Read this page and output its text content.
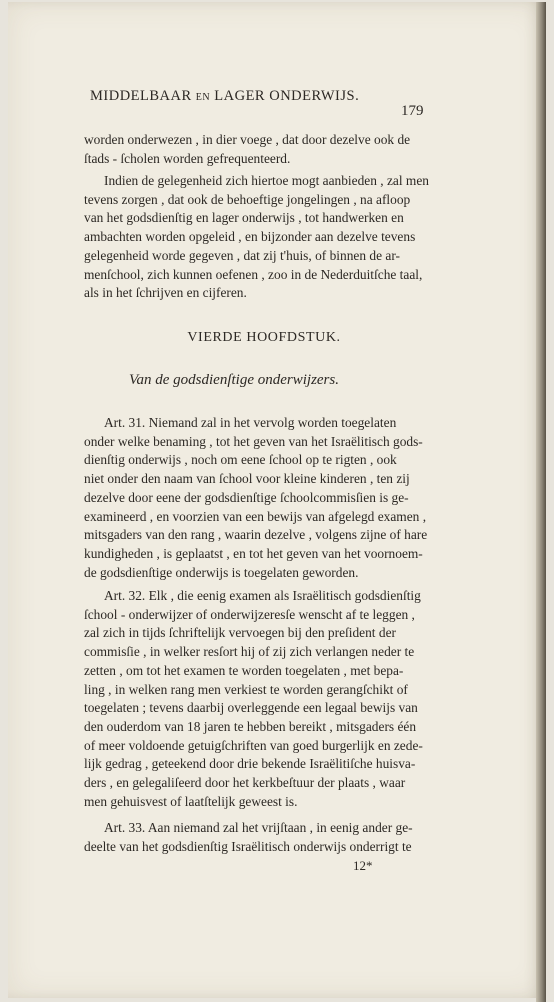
MIDDELBAAR EN LAGER ONDERWIJS.
179
worden onderwezen , in dier voege , dat door dezelve ook de
ſtads - ſcholen worden gefrequenteerd.
Indien de gelegenheid zich hiertoe mogt aanbieden , zal men
tevens zorgen , dat ook de behoeftige jongelingen , na afloop
van het godsdienſtig en lager onderwijs , tot handwerken en
ambachten worden opgeleid , en bijzonder aan dezelve tevens
gelegenheid worde gegeven , dat zij t'huis, of binnen de ar-
menſchool, zich kunnen oefenen , zoo in de Nederduitſche taal,
als in het ſchrijven en cijferen.
VIERDE HOOFDSTUK.
Van de godsdienſtige onderwijzers.
Art. 31. Niemand zal in het vervolg worden toegelaten
onder welke benaming , tot het geven van het Israëlitisch gods-
dienſtig onderwijs , noch om eene ſchool op te rigten , ook
niet onder den naam van ſchool voor kleine kinderen , ten zij
dezelve door eene der godsdienſtige ſchoolcommisſien is ge-
examineerd , en voorzien van een bewijs van afgelegd examen ,
mitsgaders van den rang , waarin dezelve , volgens zijne of hare
kundigheden , is geplaatst , en tot het geven van het voornoem-
de godsdienſtige onderwijs is toegelaten geworden.
Art. 32. Elk , die eenig examen als Israëlitisch godsdienſtig
ſchool - onderwijzer of onderwijzeresſe wenscht af te leggen ,
zal zich in tijds ſchriftelijk vervoegen bij den preſident der
commisſie , in welker resſort hij of zij zich verlangen neder te
zetten , om tot het examen te worden toegelaten , met bepa-
ling , in welken rang men verkiest te worden gerangſchikt of
toegelaten ; tevens daarbij overleggende een legaal bewijs van
den ouderdom van 18 jaren te hebben bereikt , mitsgaders één
of meer voldoende getuigſchriften van goed burgerlijk en zede-
lijk gedrag , geteekend door drie bekende Israëlitiſche huisva-
ders , en gelegaliſeerd door het kerkbeſtuur der plaats , waar
men gehuisvest of laatſtelijk geweest is.
Art. 33. Aan niemand zal het vrijſtaan , in eenig ander ge-
deelte van het godsdienſtig Israëlitisch onderwijs onderrigt te
12*
